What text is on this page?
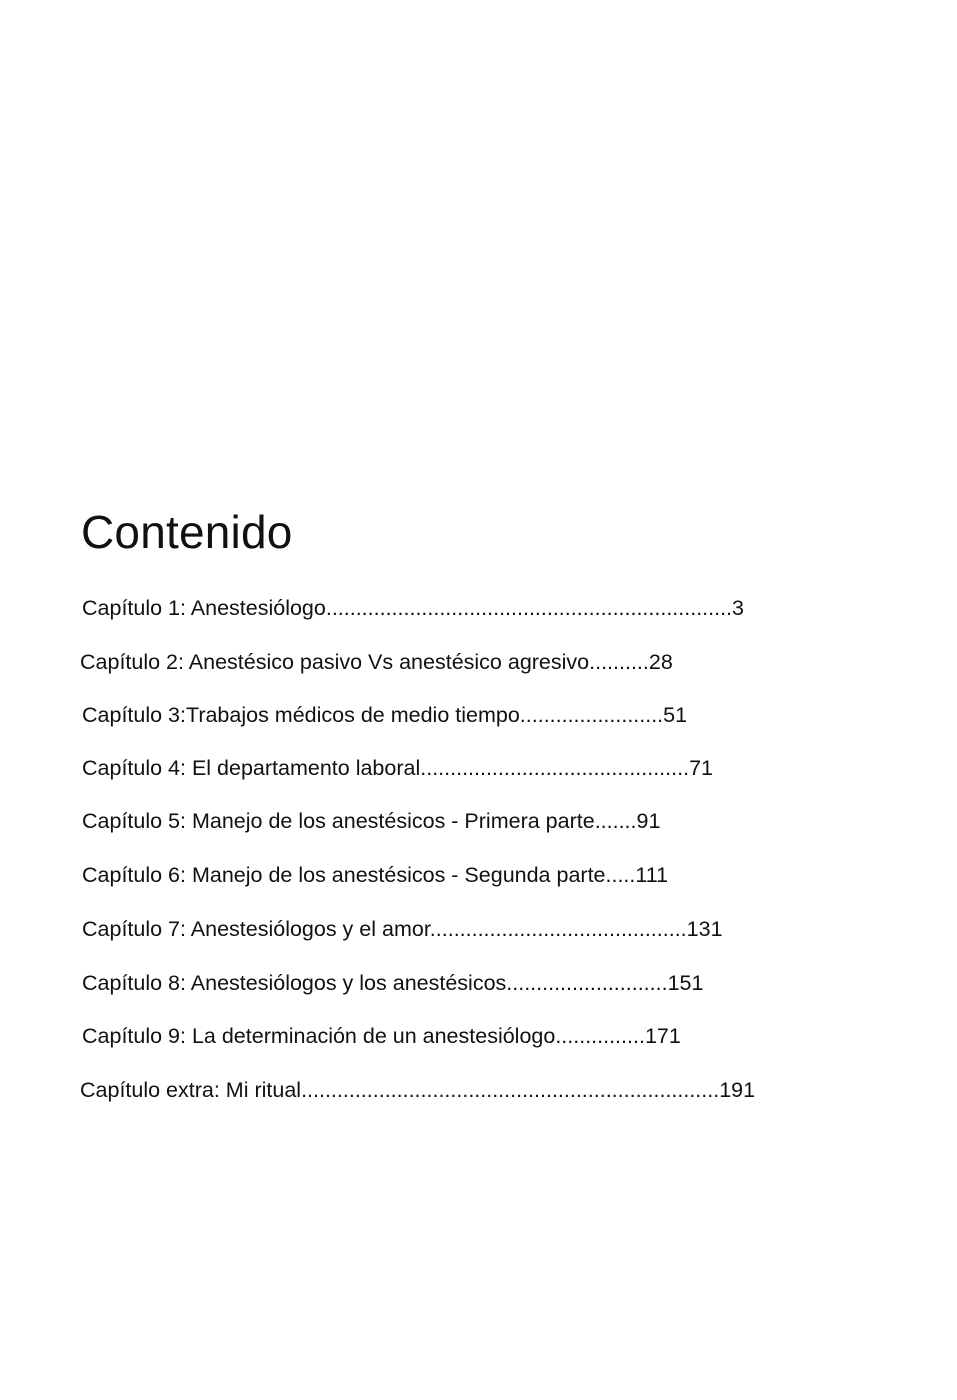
Contenido
Capítulo 1: Anestesiólogo....................................................................3
Capítulo 2: Anestésico pasivo Vs anestésico agresivo..........28
Capítulo 3:Trabajos médicos de medio tiempo........................51
Capítulo 4: El departamento laboral.............................................71
Capítulo 5: Manejo de los anestésicos - Primera parte.......91
Capítulo 6: Manejo de los anestésicos - Segunda parte.....111
Capítulo 7: Anestesiólogos y el amor...........................................131
Capítulo 8: Anestesiólogos y los anestésicos...........................151
Capítulo 9: La determinación de un anestesiólogo...............171
Capítulo extra: Mi ritual......................................................................191
